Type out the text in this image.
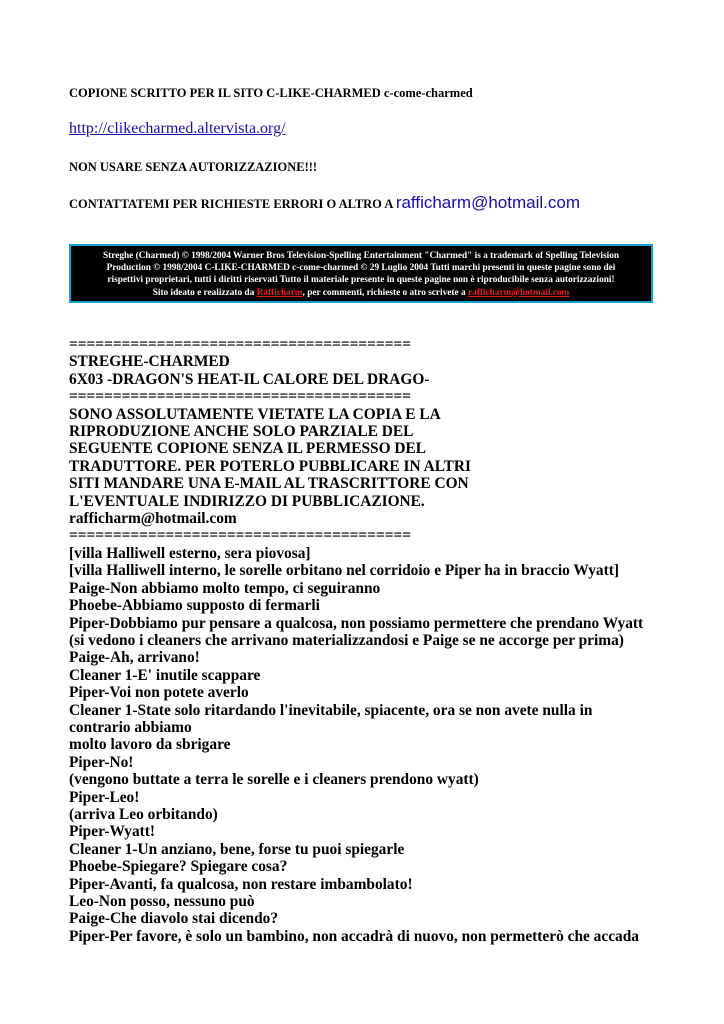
COPIONE SCRITTO PER IL SITO C-LIKE-CHARMED c-come-charmed
http://clikecharmed.altervista.org/
NON USARE SENZA AUTORIZZAZIONE!!!
CONTATTATEMI PER RICHIESTE ERRORI O ALTRO A rafficharm@hotmail.com
Streghe (Charmed) © 1998/2004 Warner Bros Television-Spelling Entertainment "Charmed" is a trademark of Spelling Television
Production © 1998/2004 C-LIKE-CHARMED c-come-charmed © 29 Luglio 2004 Tutti marchi presenti in queste pagine sono dei
rispettivi proprietari, tutti i diritti riservati Tutto il materiale presente in queste pagine non è riproducibile senza autorizzazioni!
Sito ideato e realizzato da Rafficharm, per commenti, richieste o atro scrivete a rafficharm@hotmail.com
=======================================
STREGHE-CHARMED
6X03 -DRAGON'S HEAT-IL CALORE DEL DRAGO-
=======================================
SONO ASSOLUTAMENTE VIETATE LA COPIA E LA
RIPRODUZIONE ANCHE SOLO PARZIALE DEL
SEGUENTE COPIONE SENZA IL PERMESSO DEL
TRADUTTORE. PER POTERLO PUBBLICARE IN ALTRI
SITI MANDARE UNA E-MAIL AL TRASCRITTORE CON
L'EVENTUALE INDIRIZZO DI PUBBLICAZIONE.
rafficharm@hotmail.com
=======================================
[villa Halliwell esterno, sera piovosa]
[villa Halliwell interno, le sorelle orbitano nel corridoio e Piper ha in braccio Wyatt]
Paige-Non abbiamo molto tempo, ci seguiranno
Phoebe-Abbiamo supposto di fermarli
Piper-Dobbiamo pur pensare a qualcosa, non possiamo permettere che prendano Wyatt
(si vedono i cleaners che arrivano materializzandosi e Paige se ne accorge per prima)
Paige-Ah, arrivano!
Cleaner 1-E' inutile scappare
Piper-Voi non potete averlo
Cleaner 1-State solo ritardando l'inevitabile, spiacente, ora se non avete nulla in
contrario abbiamo
molto lavoro da sbrigare
Piper-No!
(vengono buttate a terra le sorelle e i cleaners prendono wyatt)
Piper-Leo!
(arriva Leo orbitando)
Piper-Wyatt!
Cleaner 1-Un anziano, bene, forse tu puoi spiegarle
Phoebe-Spiegare? Spiegare cosa?
Piper-Avanti, fa qualcosa, non restare imbambolato!
Leo-Non posso, nessuno può
Paige-Che diavolo stai dicendo?
Piper-Per favore, è solo un bambino, non accadrà di nuovo, non permetterò che accada
